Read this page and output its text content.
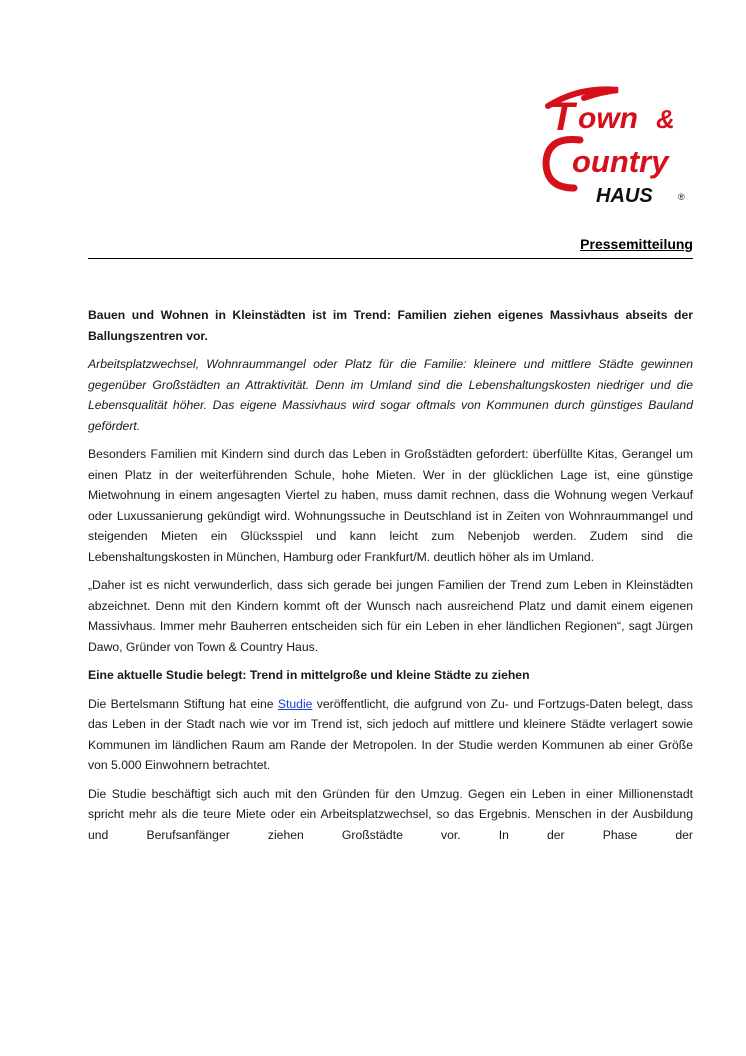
T own &
ountry
HAUS	®
Pressemitteilung

Bauen und Wohnen in Kleinstädten ist im Trend: Familien ziehen eigenes Massivhaus abseits der Ballungszentren vor.

Arbeitsplatzwechsel, Wohnraummangel oder Platz für die Familie: kleinere und mittlere Städte gewinnen gegenüber Großstädten an Attraktivität. Denn im Umland sind die Lebenshaltungskosten niedriger und die Lebensqualität höher. Das eigene Massivhaus wird sogar oftmals von Kommunen durch günstiges Bauland gefördert.

Besonders Familien mit Kindern sind durch das Leben in Großstädten gefordert: überfüllte Kitas, Gerangel um einen Platz in der weiterführenden Schule, hohe Mieten. Wer in der glücklichen Lage ist, eine günstige Mietwohnung in einem angesagten Viertel zu haben, muss damit rechnen, dass die Wohnung wegen Verkauf oder Luxussanierung gekündigt wird. Wohnungssuche in Deutschland ist in Zeiten von Wohnraummangel und steigenden Mieten ein Glücksspiel und kann leicht zum Nebenjob werden. Zudem sind die Lebenshaltungskosten in München, Hamburg oder Frankfurt/M. deutlich höher als im Umland.

„Daher ist es nicht verwunderlich, dass sich gerade bei jungen Familien der Trend zum Leben in Kleinstädten abzeichnet. Denn mit den Kindern kommt oft der Wunsch nach ausreichend Platz und damit einem eigenen Massivhaus. Immer mehr Bauherren entscheiden sich für ein Leben in eher ländlichen Regionen“, sagt Jürgen Dawo, Gründer von Town & Country Haus.

Eine aktuelle Studie belegt: Trend in mittelgroße und kleine Städte zu ziehen

Die Bertelsmann Stiftung hat eine Studie veröffentlicht, die aufgrund von Zu- und Fortzugs-Daten belegt, dass das Leben in der Stadt nach wie vor im Trend ist, sich jedoch auf mittlere und kleinere Städte verlagert sowie Kommunen im ländlichen Raum am Rande der Metropolen. In der Studie werden Kommunen ab einer Größe von 5.000 Einwohnern betrachtet.

Die Studie beschäftigt sich auch mit den Gründen für den Umzug. Gegen ein Leben in einer Millionenstadt spricht mehr als die teure Miete oder ein Arbeitsplatzwechsel, so das Ergebnis. Menschen in der Ausbildung und Berufsanfänger ziehen Großstädte vor. In der Phase der
